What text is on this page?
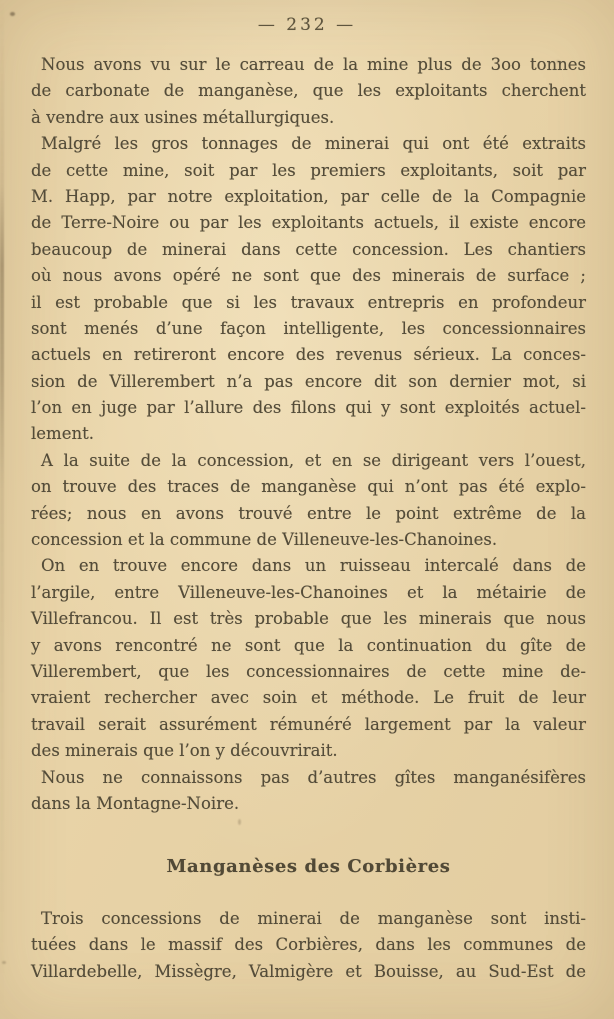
— 232 —
Nous avons vu sur le carreau de la mine plus de 3oo tonnes
de carbonate de manganèse, que les exploitants cherchent
à vendre aux usines métallurgiques.
Malgré les gros tonnages de minerai qui ont été extraits
de cette mine, soit par les premiers exploitants, soit par
M. Happ, par notre exploitation, par celle de la Compagnie
de Terre-Noire ou par les exploitants actuels, il existe encore
beaucoup de minerai dans cette concession. Les chantiers
où nous avons opéré ne sont que des minerais de surface ;
il est probable que si les travaux entrepris en profondeur
sont menés d’une façon intelligente, les concessionnaires
actuels en retireront encore des revenus sérieux. La conces-
sion de Villerembert n’a pas encore dit son dernier mot, si
l’on en juge par l’allure des filons qui y sont exploités actuel-
lement.
A la suite de la concession, et en se dirigeant vers l’ouest,
on trouve des traces de manganèse qui n’ont pas été explo-
rées; nous en avons trouvé entre le point extrême de la
concession et la commune de Villeneuve-les-Chanoines.
On en trouve encore dans un ruisseau intercalé dans de
l’argile, entre Villeneuve-les-Chanoines et la métairie de
Villefrancou. Il est très probable que les minerais que nous
y avons rencontré ne sont que la continuation du gîte de
Villerembert, que les concessionnaires de cette mine de-
vraient rechercher avec soin et méthode. Le fruit de leur
travail serait assurément rémunéré largement par la valeur
des minerais que l’on y découvrirait.
Nous ne connaissons pas d’autres gîtes manganésifères
dans la Montagne-Noire.
Manganèses des Corbières
Trois concessions de minerai de manganèse sont insti-
tuées dans le massif des Corbières, dans les communes de
Villardebelle, Missègre, Valmigère et Bouisse, au Sud-Est de
